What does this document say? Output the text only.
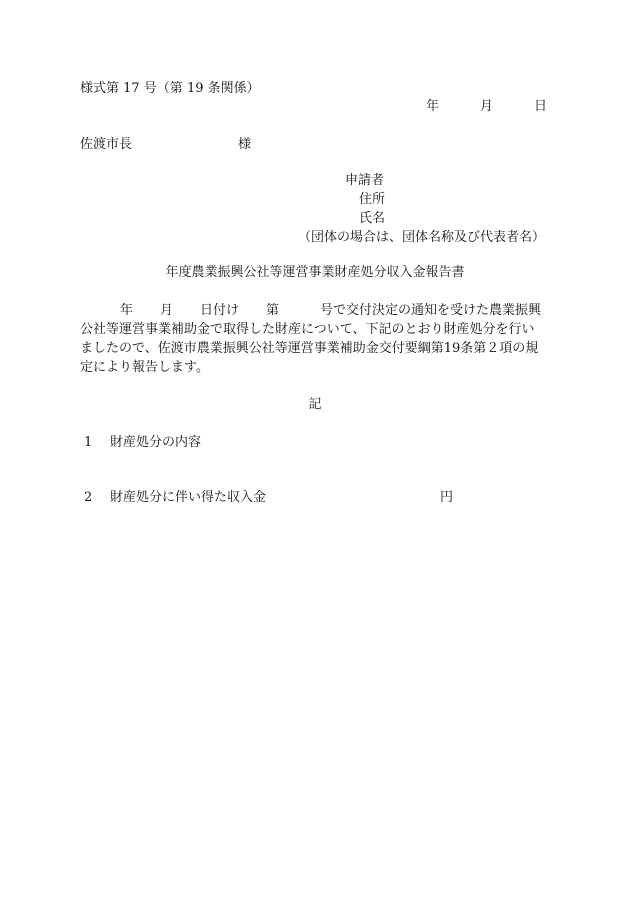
様式第 17 号（第 19 条関係）
年	月	日
佐渡市長	様
申請者
住所
氏名
（団体の場合は、団体名称及び代表者名）
年度農業振興公社等運営事業財産処分収入金報告書
年 月 日付け 第	号で交付決定の通知を受けた農業振興
公社等運営事業補助金で取得した財産について、下記のとおり財産処分を行い
ましたので、佐渡市農業振興公社等運営事業補助金交付要綱第19条第２項の規
定により報告します。
記
1 財産処分の内容
2 財産処分に伴い得た収入金	円
